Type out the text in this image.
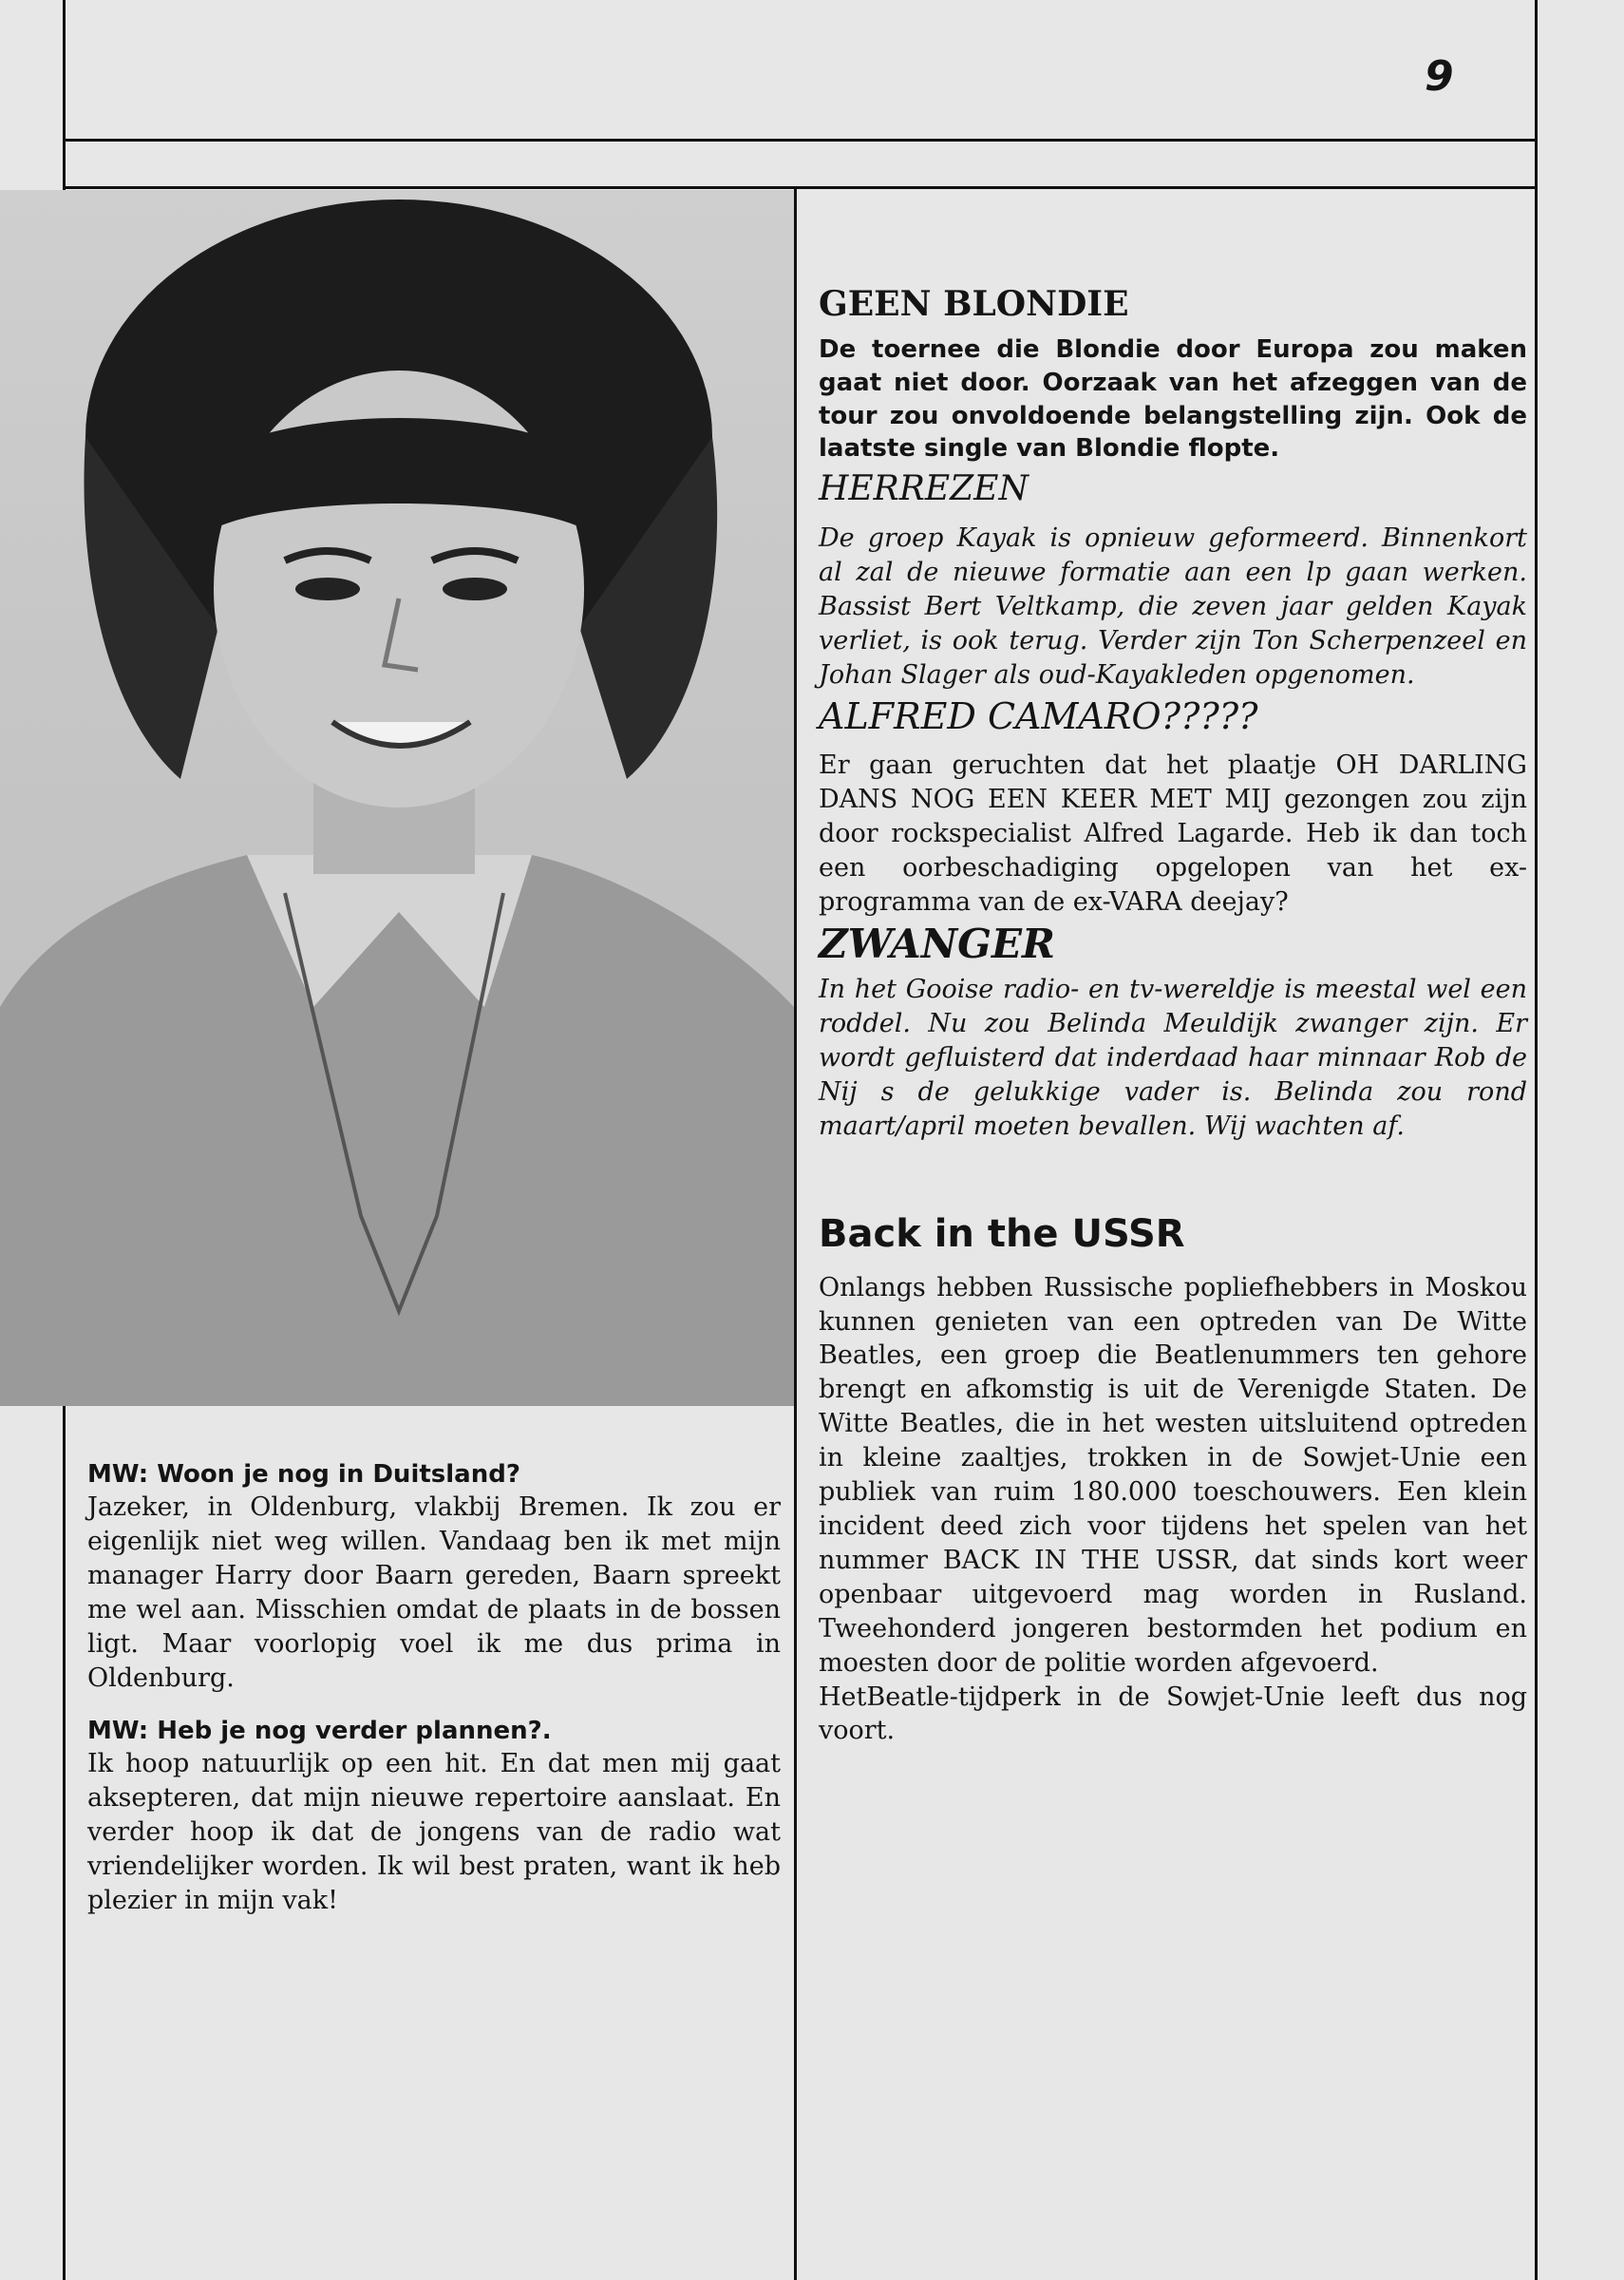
9

MW: Woon je nog in Duitsland?

Jazeker, in Oldenburg, vlakbij Bremen. Ik zou er eigenlijk niet weg willen. Vandaag ben ik met mijn manager Harry door Baarn gereden, Baarn spreekt me wel aan. Misschien omdat de plaats in de bossen ligt. Maar voorlopig voel ik me dus prima in Oldenburg.

MW: Heb je nog verder plannen?.

Ik hoop natuurlijk op een hit. En dat men mij gaat aksepteren, dat mijn nieuwe repertoire aanslaat. En verder hoop ik dat de jongens van de radio wat vriendelijker worden. Ik wil best praten, want ik heb plezier in mijn vak!

GEEN BLONDIE

De toernee die Blondie door Europa zou maken gaat niet door. Oorzaak van het afzeggen van de tour zou onvoldoende belangstelling zijn. Ook de laatste single van Blondie flopte.

HERREZEN

De groep Kayak is opnieuw geformeerd. Binnenkort al zal de nieuwe formatie aan een lp gaan werken. Bassist Bert Veltkamp, die zeven jaar gelden Kayak verliet, is ook terug. Verder zijn Ton Scherpenzeel en Johan Slager als oud-Kayakleden opgenomen.

ALFRED CAMARO?????

Er gaan geruchten dat het plaatje OH DARLING DANS NOG EEN KEER MET MIJ gezongen zou zijn door rockspecialist Alfred Lagarde. Heb ik dan toch een oorbeschadiging opgelopen van het ex-programma van de ex-VARA deejay?

ZWANGER

In het Gooise radio- en tv-wereldje is meestal wel een roddel. Nu zou Belinda Meuldijk zwanger zijn. Er wordt gefluisterd dat inderdaad haar minnaar Rob de Nij s de gelukkige vader is. Belinda zou rond maart/april moeten bevallen. Wij wachten af.

Back in the USSR

Onlangs hebben Russische popliefhebbers in Moskou kunnen genieten van een optreden van De Witte Beatles, een groep die Beatlenummers ten gehore brengt en afkomstig is uit de Verenigde Staten. De Witte Beatles, die in het westen uitsluitend optreden in kleine zaaltjes, trokken in de Sowjet-Unie een publiek van ruim 180.000 toeschouwers. Een klein incident deed zich voor tijdens het spelen van het nummer BACK IN THE USSR, dat sinds kort weer openbaar uitgevoerd mag worden in Rusland. Tweehonderd jongeren bestormden het podium en moesten door de politie worden afgevoerd.

HetBeatle-tijdperk in de Sowjet-Unie leeft dus nog voort.
